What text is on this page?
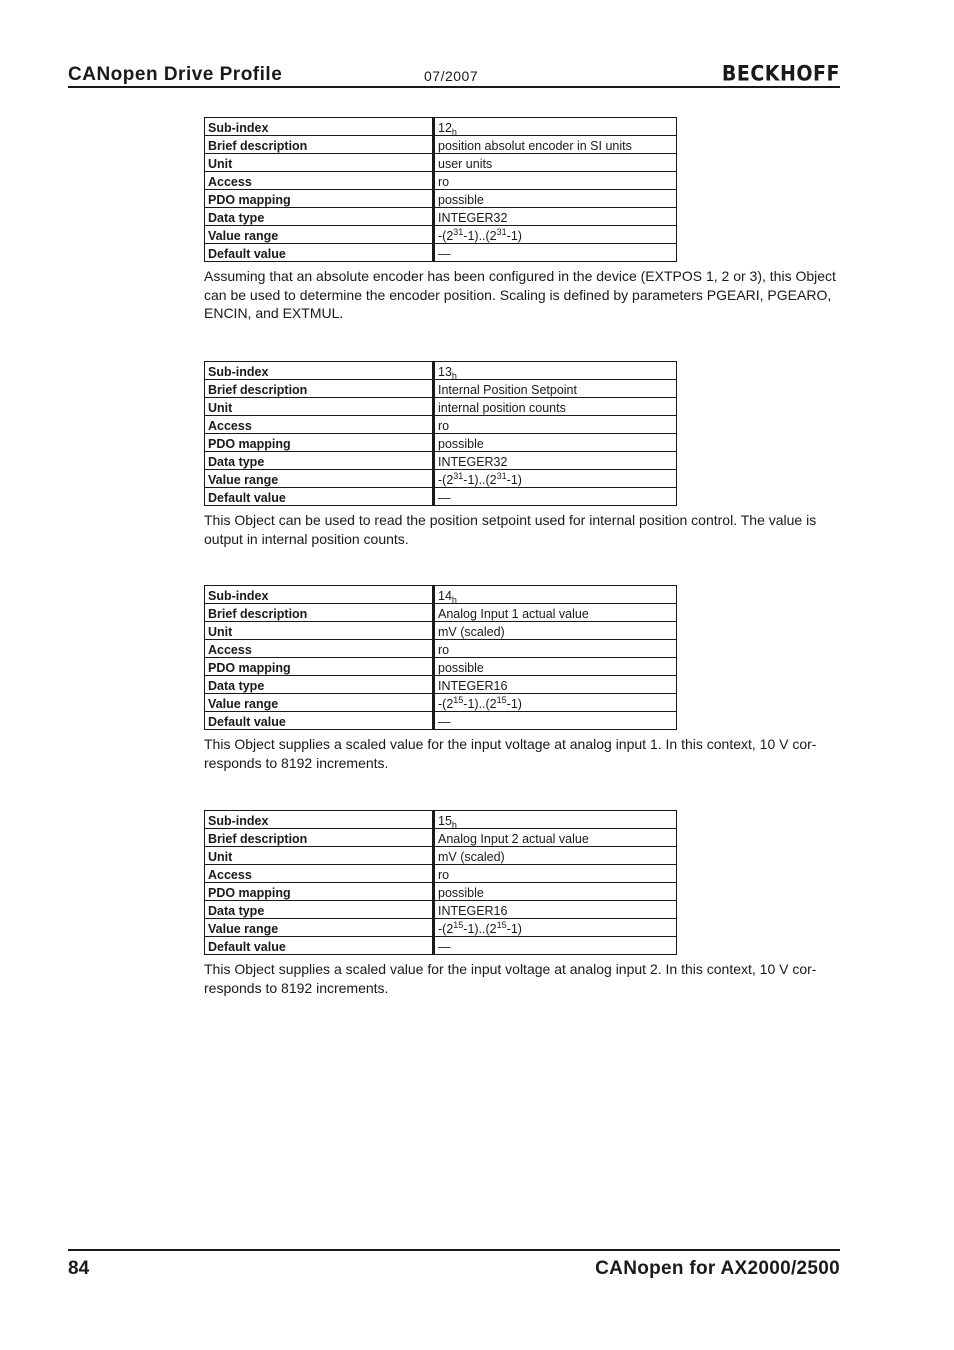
CANopen Drive Profile	07/2007	BECKHOFF
Sub-index	$12_h$
Brief description	position absolut encoder in SI units
Unit	user units
Access	ro
PDO mapping	possible
Data type	INTEGER32
Value range	$-(2^{31}-1)..(2^{31}-1)$
Default value	—

Assuming that an absolute encoder has been configured in the device (EXTPOS 1, 2 or 3), this Object can be used to determine the encoder position. Scaling is defined by parameters PGEARI, PGEARO, ENCIN, and EXTMUL.

Sub-index	$13_h$
Brief description	Internal Position Setpoint
Unit	internal position counts
Access	ro
PDO mapping	possible
Data type	INTEGER32
Value range	$-(2^{31}-1)..(2^{31}-1)$
Default value	—

This Object can be used to read the position setpoint used for internal position control. The value is output in internal position counts.

Sub-index	$14_h$
Brief description	Analog Input 1 actual value
Unit	mV (scaled)
Access	ro
PDO mapping	possible
Data type	INTEGER16
Value range	$-(2^{15}-1)..(2^{15}-1)$
Default value	—

This Object supplies a scaled value for the input voltage at analog input 1. In this context, 10 V cor-responds to 8192 increments.

Sub-index	$15_h$
Brief description	Analog Input 2 actual value
Unit	mV (scaled)
Access	ro
PDO mapping	possible
Data type	INTEGER16
Value range	$-(2^{15}-1)..(2^{15}-1)$
Default value	—

This Object supplies a scaled value for the input voltage at analog input 2. In this context, 10 V cor-responds to 8192 increments.

84	CANopen for AX2000/2500
